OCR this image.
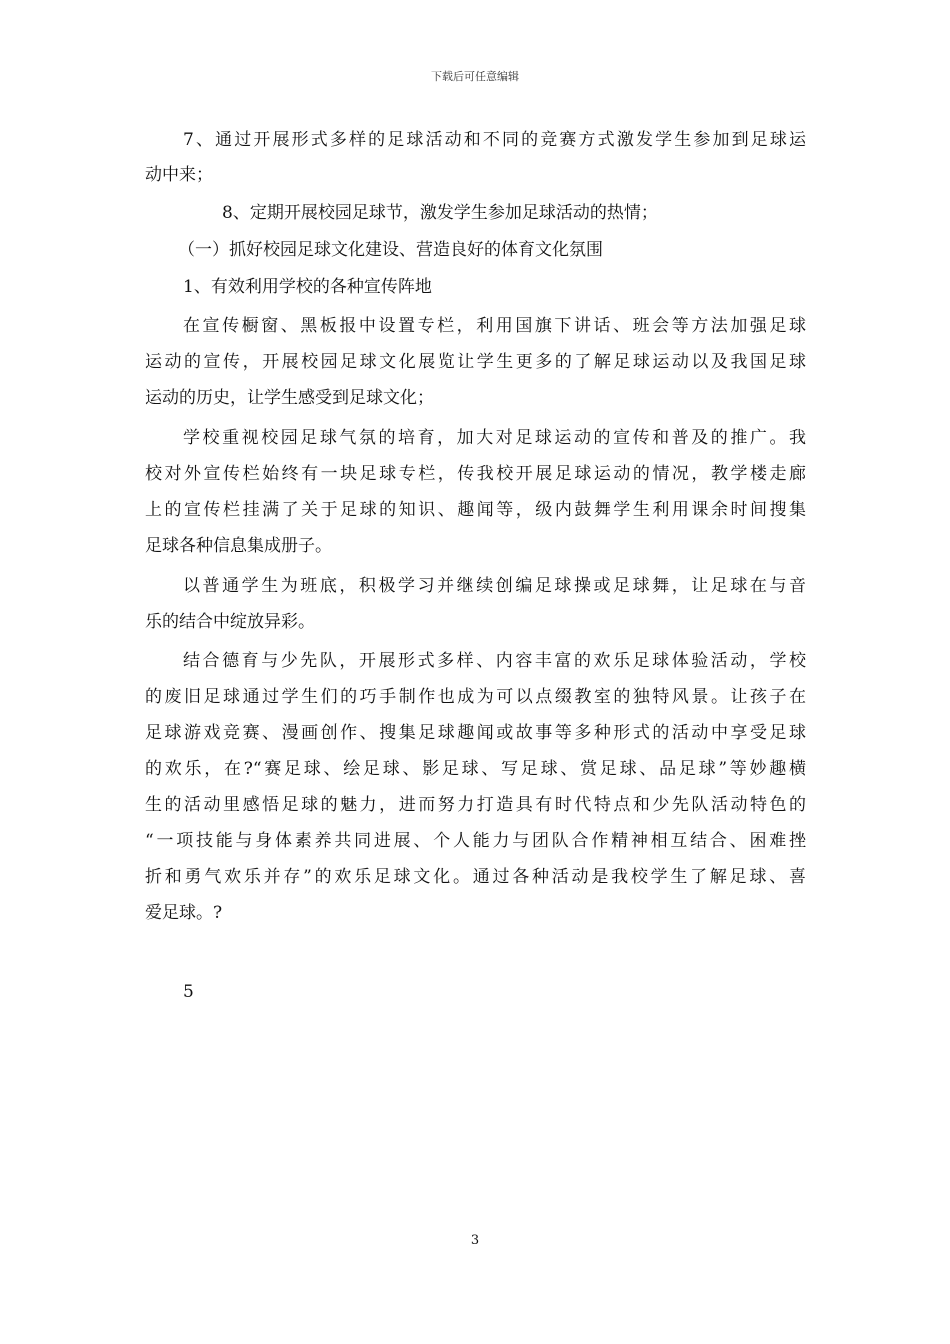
下载后可任意编辑
7、通过开展形式多样的足球活动和不同的竞赛方式激发学生参加到足球运
动中来；
8、定期开展校园足球节，激发学生参加足球活动的热情；
（一）抓好校园足球文化建设、营造良好的体育文化氛围
1、有效利用学校的各种宣传阵地
在宣传橱窗、黑板报中设置专栏，利用国旗下讲话、班会等方法加强足球
运动的宣传，开展校园足球文化展览让学生更多的了解足球运动以及我国足球
运动的历史，让学生感受到足球文化；
学校重视校园足球气氛的培育，加大对足球运动的宣传和普及的推广。我
校对外宣传栏始终有一块足球专栏，传我校开展足球运动的情况，教学楼走廊
上的宣传栏挂满了关于足球的知识、趣闻等，级内鼓舞学生利用课余时间搜集
足球各种信息集成册子。
以普通学生为班底，积极学习并继续创编足球操或足球舞，让足球在与音
乐的结合中绽放异彩。
结合德育与少先队，开展形式多样、内容丰富的欢乐足球体验活动，学校
的废旧足球通过学生们的巧手制作也成为可以点缀教室的独特风景。让孩子在
足球游戏竞赛、漫画创作、搜集足球趣闻或故事等多种形式的活动中享受足球
的欢乐，在?“赛足球、绘足球、影足球、写足球、赏足球、品足球”等妙趣横
生的活动里感悟足球的魅力，进而努力打造具有时代特点和少先队活动特色的
“一项技能与身体素养共同进展、个人能力与团队合作精神相互结合、困难挫
折和勇气欢乐并存”的欢乐足球文化。通过各种活动是我校学生了解足球、喜
爱足球。?
5
3
